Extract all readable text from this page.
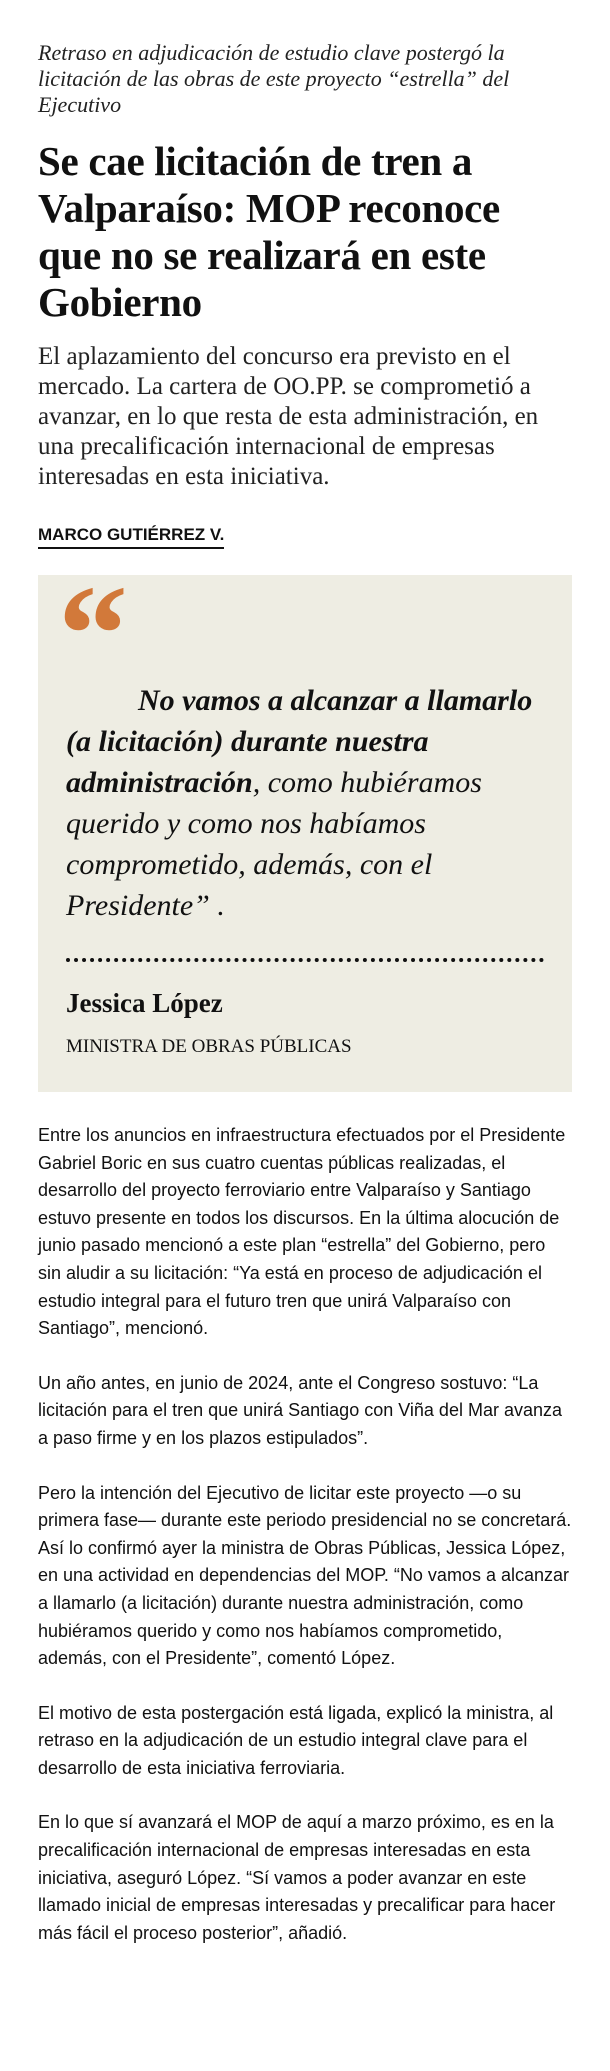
Retraso en adjudicación de estudio clave postergó la licitación de las obras de este proyecto “estrella” del Ejecutivo
Se cae licitación de tren a Valparaíso: MOP reconoce que no se realizará en este Gobierno
El aplazamiento del concurso era previsto en el mercado. La cartera de OO.PP. se comprometió a avanzar, en lo que resta de esta administración, en una precalificación internacional de empresas interesadas en esta iniciativa.
MARCO GUTIÉRREZ V.
“ No vamos a alcanzar a llamarlo (a licitación) durante nuestra administración, como hubiéramos querido y como nos habíamos comprometido, además, con el Presidente” .
Jessica López
MINISTRA DE OBRAS PÚBLICAS

Entre los anuncios en infraestructura efectuados por el Presidente Gabriel Boric en sus cuatro cuentas públicas realizadas, el desarrollo del proyecto ferroviario entre Valparaíso y Santiago estuvo presente en todos los discursos. En la última alocución de junio pasado mencionó a este plan “estrella” del Gobierno, pero sin aludir a su licitación: “Ya está en proceso de adjudicación el estudio integral para el futuro tren que unirá Valparaíso con Santiago”, mencionó.

Un año antes, en junio de 2024, ante el Congreso sostuvo: “La licitación para el tren que unirá Santiago con Viña del Mar avanza a paso firme y en los plazos estipulados”.

Pero la intención del Ejecutivo de licitar este proyecto —o su primera fase— durante este periodo presidencial no se concretará. Así lo confirmó ayer la ministra de Obras Públicas, Jessica López, en una actividad en dependencias del MOP. “No vamos a alcanzar a llamarlo (a licitación) durante nuestra administración, como hubiéramos querido y como nos habíamos comprometido, además, con el Presidente”, comentó López.

El motivo de esta postergación está ligada, explicó la ministra, al retraso en la adjudicación de un estudio integral clave para el desarrollo de esta iniciativa ferroviaria.

En lo que sí avanzará el MOP de aquí a marzo próximo, es en la precalificación internacional de empresas interesadas en esta iniciativa, aseguró López. “Sí vamos a poder avanzar en este llamado inicial de empresas interesadas y precalificar para hacer más fácil el proceso posterior”, añadió.
